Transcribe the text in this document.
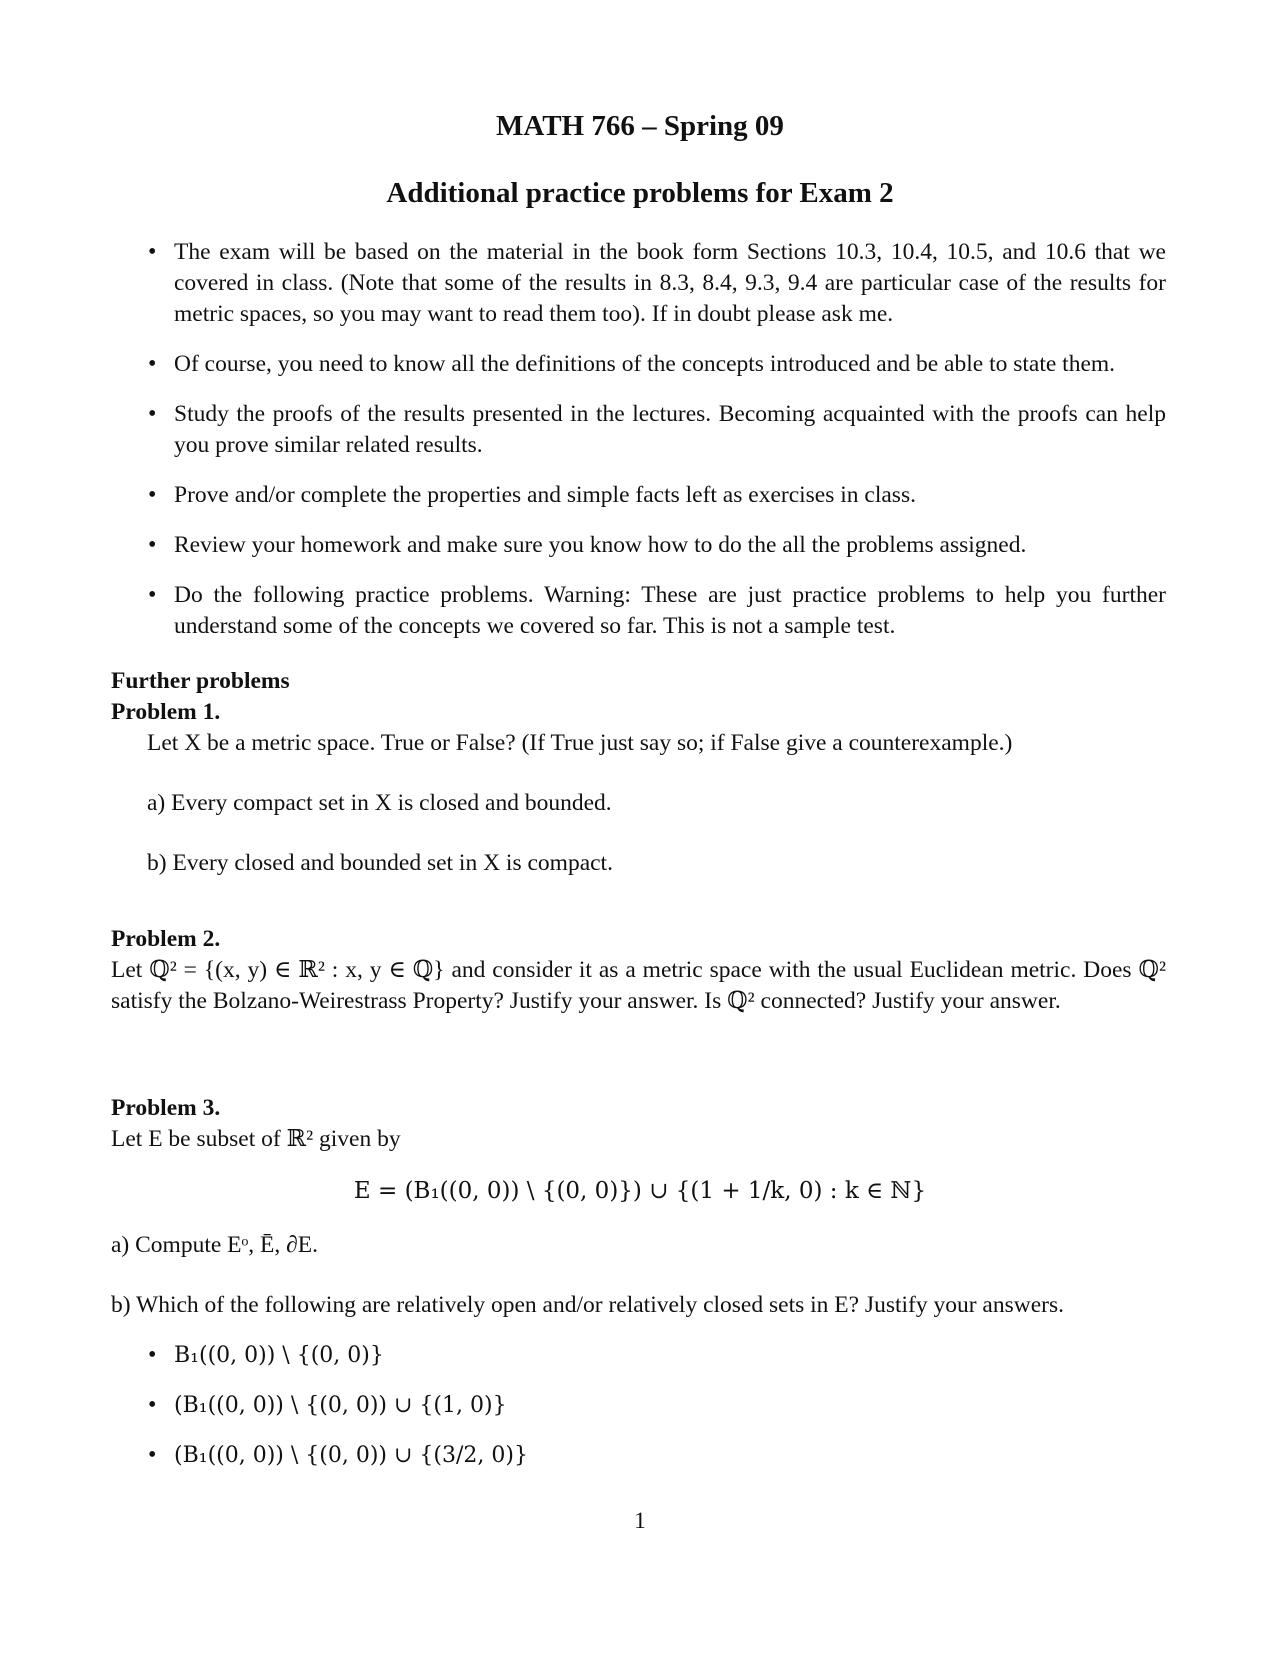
MATH 766 – Spring 09
Additional practice problems for Exam 2
• The exam will be based on the material in the book form Sections 10.3, 10.4, 10.5, and 10.6 that we covered in class. (Note that some of the results in 8.3, 8.4, 9.3, 9.4 are particular case of the results for metric spaces, so you may want to read them too). If in doubt please ask me.
• Of course, you need to know all the definitions of the concepts introduced and be able to state them.
• Study the proofs of the results presented in the lectures. Becoming acquainted with the proofs can help you prove similar related results.
• Prove and/or complete the properties and simple facts left as exercises in class.
• Review your homework and make sure you know how to do the all the problems assigned.
• Do the following practice problems. Warning: These are just practice problems to help you further understand some of the concepts we covered so far. This is not a sample test.
Further problems
Problem 1.
Let X be a metric space. True or False? (If True just say so; if False give a counterexample.)
a) Every compact set in X is closed and bounded.
b) Every closed and bounded set in X is compact.
Problem 2.
Let ℚ² = {(x, y) ∈ ℝ² : x, y ∈ ℚ} and consider it as a metric space with the usual Euclidean metric. Does ℚ² satisfy the Bolzano-Weirestrass Property? Justify your answer. Is ℚ² connected? Justify your answer.
Problem 3.
Let E be subset of ℝ² given by
E = (B₁((0, 0)) \ {(0, 0)}) ∪ {(1 + 1/k, 0) : k ∈ ℕ}
a) Compute Eᵒ, Ē, ∂E.
b) Which of the following are relatively open and/or relatively closed sets in E? Justify your answers.
• B₁((0, 0)) \ {(0, 0)}
• (B₁((0, 0)) \ {(0, 0)) ∪ {(1, 0)}
• (B₁((0, 0)) \ {(0, 0)) ∪ {(3/2, 0)}
1
